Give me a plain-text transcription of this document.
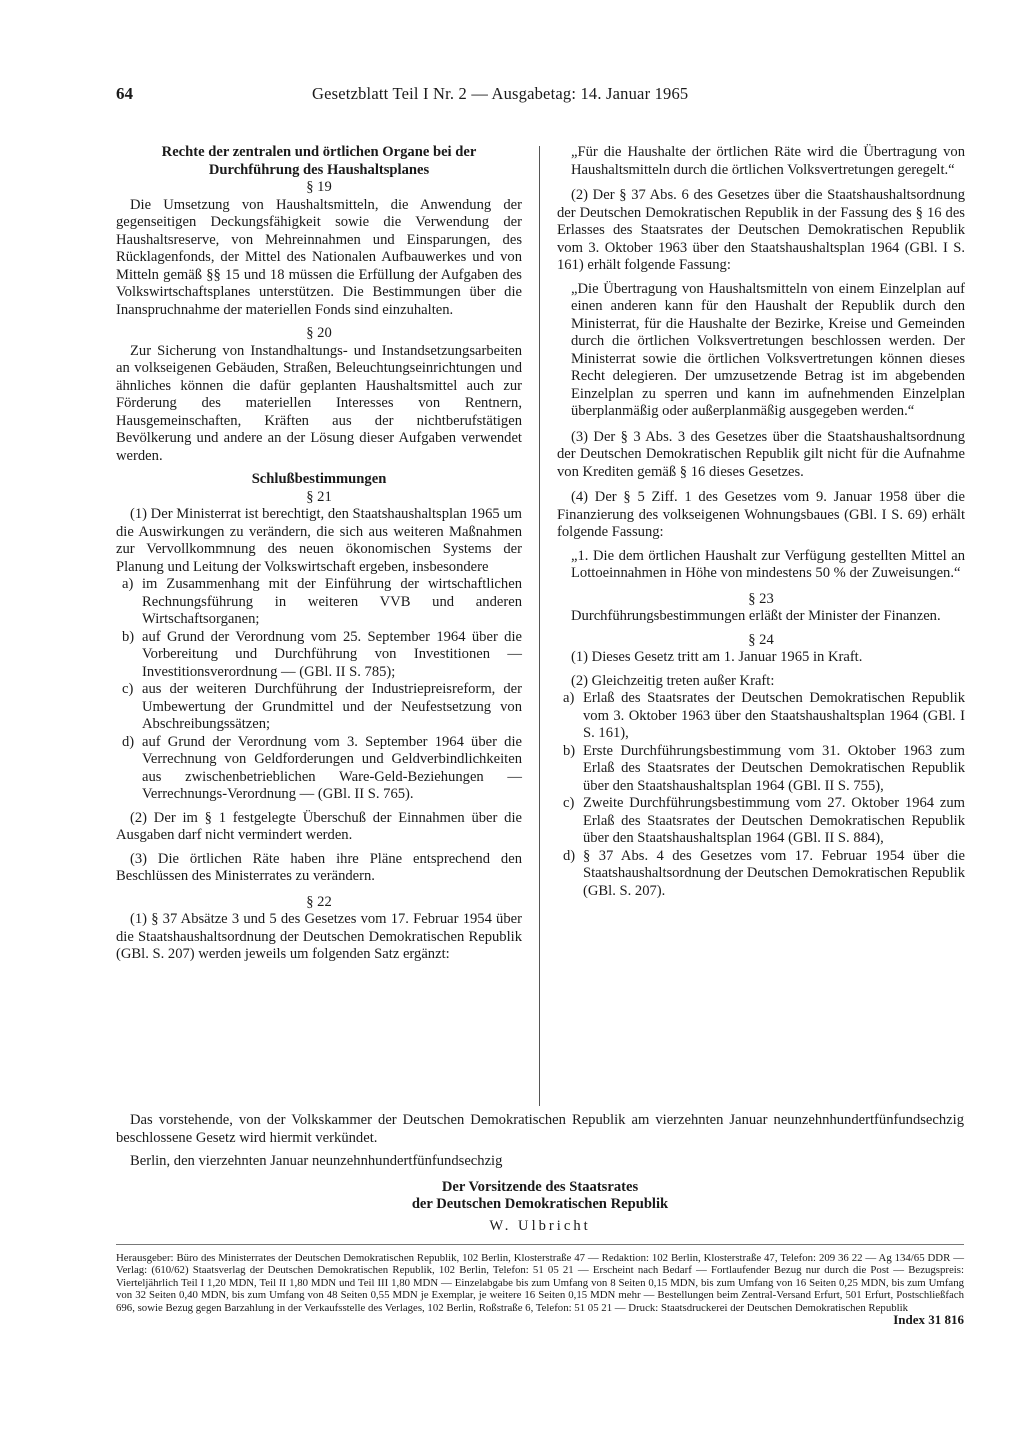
64	Gesetzblatt Teil I Nr. 2 — Ausgabetag: 14. Januar 1965

Rechte der zentralen und örtlichen Organe bei der Durchführung des Haushaltsplanes

§ 19

Die Umsetzung von Haushaltsmitteln, die Anwendung der gegenseitigen Deckungsfähigkeit sowie die Verwendung der Haushaltsreserve, von Mehreinnahmen und Einsparungen, des Rücklagenfonds, der Mittel des Nationalen Aufbauwerkes und von Mitteln gemäß §§ 15 und 18 müssen die Erfüllung der Aufgaben des Volkswirtschaftsplanes unterstützen. Die Bestimmungen über die Inanspruchnahme der materiellen Fonds sind einzuhalten.

§ 20

Zur Sicherung von Instandhaltungs- und Instandsetzungsarbeiten an volkseigenen Gebäuden, Straßen, Beleuchtungseinrichtungen und ähnliches können die dafür geplanten Haushaltsmittel auch zur Förderung des materiellen Interesses von Rentnern, Hausgemeinschaften, Kräften aus der nichtberufstätigen Bevölkerung und andere an der Lösung dieser Aufgaben verwendet werden.

Schlußbestimmungen

§ 21

(1) Der Ministerrat ist berechtigt, den Staatshaushaltsplan 1965 um die Auswirkungen zu verändern, die sich aus weiteren Maßnahmen zur Vervollkommnung des neuen ökonomischen Systems der Planung und Leitung der Volkswirtschaft ergeben, insbesondere

a) im Zusammenhang mit der Einführung der wirtschaftlichen Rechnungsführung in weiteren VVB und anderen Wirtschaftsorganen;
b) auf Grund der Verordnung vom 25. September 1964 über die Vorbereitung und Durchführung von Investitionen — Investitionsverordnung — (GBl. II S. 785);
c) aus der weiteren Durchführung der Industriepreisreform, der Umbewertung der Grundmittel und der Neufestsetzung von Abschreibungssätzen;
d) auf Grund der Verordnung vom 3. September 1964 über die Verrechnung von Geldforderungen und Geldverbindlichkeiten aus zwischenbetrieblichen Ware-Geld-Beziehungen — Verrechnungs-Verordnung — (GBl. II S. 765).

(2) Der im § 1 festgelegte Überschuß der Einnahmen über die Ausgaben darf nicht vermindert werden.

(3) Die örtlichen Räte haben ihre Pläne entsprechend den Beschlüssen des Ministerrates zu verändern.

§ 22

(1) § 37 Absätze 3 und 5 des Gesetzes vom 17. Februar 1954 über die Staatshaushaltsordnung der Deutschen Demokratischen Republik (GBl. S. 207) werden jeweils um folgenden Satz ergänzt:

„Für die Haushalte der örtlichen Räte wird die Übertragung von Haushaltsmitteln durch die örtlichen Volksvertretungen geregelt.“

(2) Der § 37 Abs. 6 des Gesetzes über die Staatshaushaltsordnung der Deutschen Demokratischen Republik in der Fassung des § 16 des Erlasses des Staatsrates der Deutschen Demokratischen Republik vom 3. Oktober 1963 über den Staatshaushaltsplan 1964 (GBl. I S. 161) erhält folgende Fassung:

„Die Übertragung von Haushaltsmitteln von einem Einzelplan auf einen anderen kann für den Haushalt der Republik durch den Ministerrat, für die Haushalte der Bezirke, Kreise und Gemeinden durch die örtlichen Volksvertretungen beschlossen werden. Der Ministerrat sowie die örtlichen Volksvertretungen können dieses Recht delegieren. Der umzusetzende Betrag ist im abgebenden Einzelplan zu sperren und kann im aufnehmenden Einzelplan überplanmäßig oder außerplanmäßig ausgegeben werden.“

(3) Der § 3 Abs. 3 des Gesetzes über die Staatshaushaltsordnung der Deutschen Demokratischen Republik gilt nicht für die Aufnahme von Krediten gemäß § 16 dieses Gesetzes.

(4) Der § 5 Ziff. 1 des Gesetzes vom 9. Januar 1958 über die Finanzierung des volkseigenen Wohnungsbaues (GBl. I S. 69) erhält folgende Fassung:

„1. Die dem örtlichen Haushalt zur Verfügung gestellten Mittel an Lottoeinnahmen in Höhe von mindestens 50 % der Zuweisungen.“

§ 23

Durchführungsbestimmungen erläßt der Minister der Finanzen.

§ 24

(1) Dieses Gesetz tritt am 1. Januar 1965 in Kraft.

(2) Gleichzeitig treten außer Kraft:

a) Erlaß des Staatsrates der Deutschen Demokratischen Republik vom 3. Oktober 1963 über den Staatshaushaltsplan 1964 (GBl. I S. 161),
b) Erste Durchführungsbestimmung vom 31. Oktober 1963 zum Erlaß des Staatsrates der Deutschen Demokratischen Republik über den Staatshaushaltsplan 1964 (GBl. II S. 755),
c) Zweite Durchführungsbestimmung vom 27. Oktober 1964 zum Erlaß des Staatsrates der Deutschen Demokratischen Republik über den Staatshaushaltsplan 1964 (GBl. II S. 884),
d) § 37 Abs. 4 des Gesetzes vom 17. Februar 1954 über die Staatshaushaltsordnung der Deutschen Demokratischen Republik (GBl. S. 207).

Das vorstehende, von der Volkskammer der Deutschen Demokratischen Republik am vierzehnten Januar neunzehnhundertfünfundsechzig beschlossene Gesetz wird hiermit verkündet.

Berlin, den vierzehnten Januar neunzehnhundertfünfundsechzig

Der Vorsitzende des Staatsrates

der Deutschen Demokratischen Republik

W. Ulbricht

Herausgeber: Büro des Ministerrates der Deutschen Demokratischen Republik, 102 Berlin, Klosterstraße 47 — Redaktion: 102 Berlin, Klosterstraße 47, Telefon: 209 36 22 — Ag 134/65 DDR — Verlag: (610/62) Staatsverlag der Deutschen Demokratischen Republik, 102 Berlin, Telefon: 51 05 21 — Erscheint nach Bedarf — Fortlaufender Bezug nur durch die Post — Bezugspreis: Vierteljährlich Teil I 1,20 MDN, Teil II 1,80 MDN und Teil III 1,80 MDN — Einzelabgabe bis zum Umfang von 8 Seiten 0,15 MDN, bis zum Umfang von 16 Seiten 0,25 MDN, bis zum Umfang von 32 Seiten 0,40 MDN, bis zum Umfang von 48 Seiten 0,55 MDN je Exemplar, je weitere 16 Seiten 0,15 MDN mehr — Bestellungen beim Zentral-Versand Erfurt, 501 Erfurt, Postschließfach 696, sowie Bezug gegen Barzahlung in der Verkaufsstelle des Verlages, 102 Berlin, Roßstraße 6, Telefon: 51 05 21 — Druck: Staatsdruckerei der Deutschen Demokratischen Republik

Index 31 816
